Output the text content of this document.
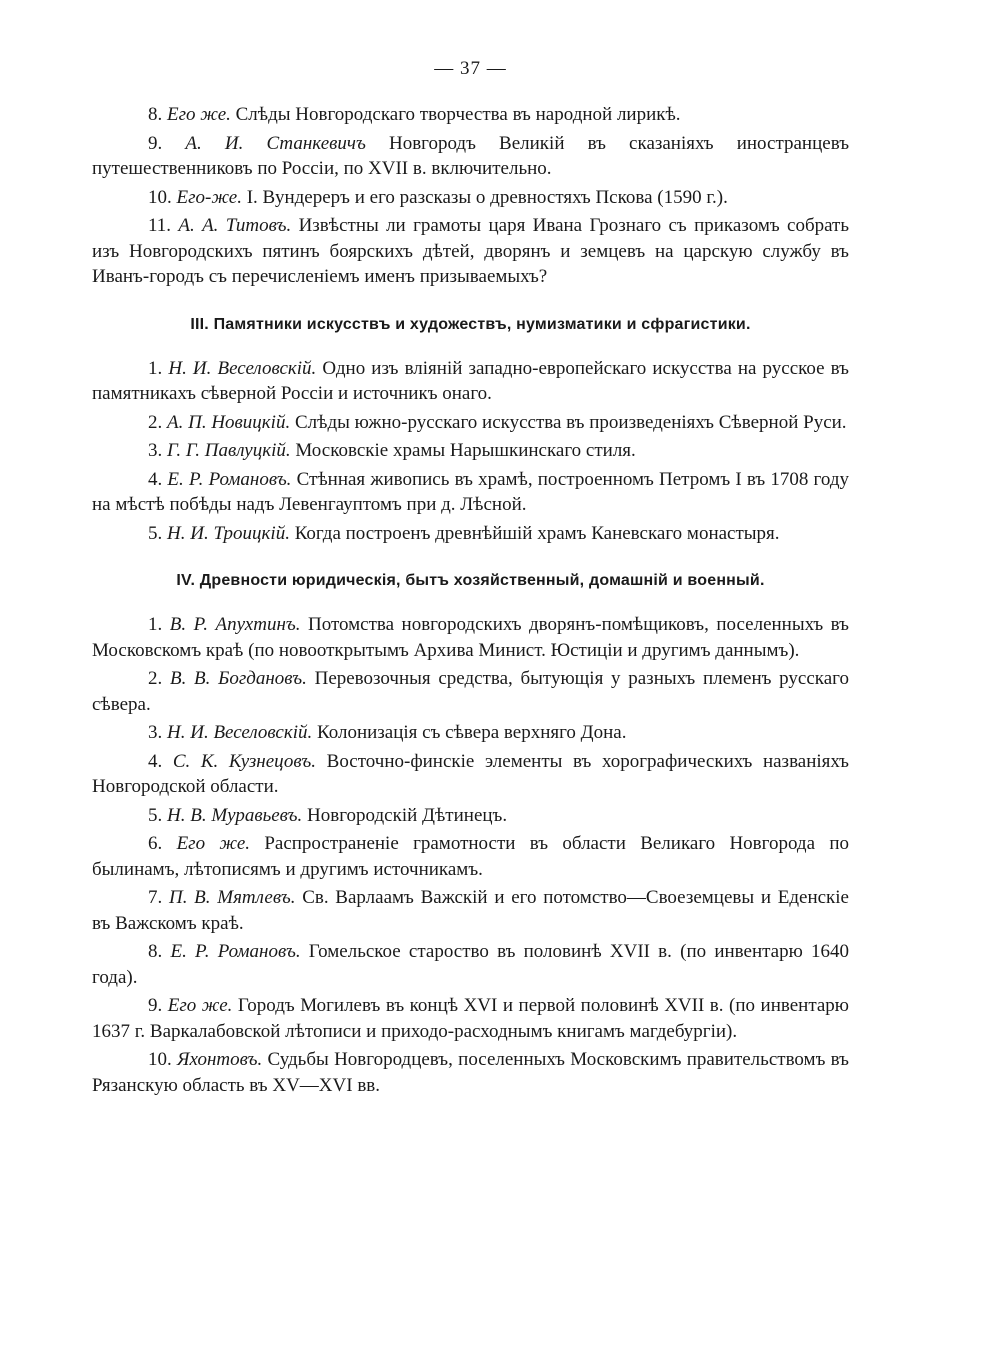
— 37 —

8. Его же. Слѣды Новгородскаго творчества въ народной лирикѣ.

9. А. И. Станкевичъ Новгородъ Великій въ сказаніяхъ иностранцевъ путешественниковъ по Россіи, по XVII в. включительно.

10. Его-же. I. Вундереръ и его разсказы о древностяхъ Пскова (1590 г.).

11. А. А. Титовъ. Извѣстны ли грамоты царя Ивана Грознаго съ приказомъ собрать изъ Новгородскихъ пятинъ боярскихъ дѣтей, дворянъ и земцевъ на царскую службу въ Иванъ-городъ съ перечисленіемъ именъ призываемыхъ?

III. Памятники искусствъ и художествъ, нумизматики и сфрагистики.

1. Н. И. Веселовскій. Одно изъ вліяній западно-европейскаго искусства на русское въ памятникахъ сѣверной Россіи и источникъ онаго.

2. А. П. Новицкій. Слѣды южно-русскаго искусства въ произведеніяхъ Сѣверной Руси.

3. Г. Г. Павлуцкій. Московскіе храмы Нарышкинскаго стиля.

4. Е. Р. Романовъ. Стѣнная живопись въ храмѣ, построенномъ Петромъ I въ 1708 году на мѣстѣ побѣды надъ Левенгауптомъ при д. Лѣсной.

5. Н. И. Троицкій. Когда построенъ древнѣйшій храмъ Каневскаго монастыря.

IV. Древности юридическія, бытъ хозяйственный, домашній и военный.

1. В. Р. Апухтинъ. Потомства новгородскихъ дворянъ-помѣщиковъ, поселенныхъ въ Московскомъ краѣ (по новооткрытымъ Архива Минист. Юстиціи и другимъ даннымъ).

2. В. В. Богдановъ. Перевозочныя средства, бытующія у разныхъ племенъ русскаго сѣвера.

3. Н. И. Веселовскій. Колонизація съ сѣвера верхняго Дона.

4. С. К. Кузнецовъ. Восточно-финскіе элементы въ хорографическихъ названіяхъ Новгородской области.

5. Н. В. Муравьевъ. Новгородскій Дѣтинецъ.

6. Его же. Распространеніе грамотности въ области Великаго Новгорода по былинамъ, лѣтописямъ и другимъ источникамъ.

7. П. В. Мятлевъ. Св. Варлаамъ Важскій и его потомство—Своеземцевы и Еденскіе въ Важскомъ краѣ.

8. Е. Р. Романовъ. Гомельское староство въ половинѣ XVII в. (по инвентарю 1640 года).

9. Его же. Городъ Могилевъ въ концѣ XVI и первой половинѣ XVII в. (по инвентарю 1637 г. Варкалабовской лѣтописи и приходо-расходнымъ книгамъ магдебургіи).

10. Яхонтовъ. Судьбы Новгородцевъ, поселенныхъ Московскимъ правительствомъ въ Рязанскую область въ XV—XVI вв.
